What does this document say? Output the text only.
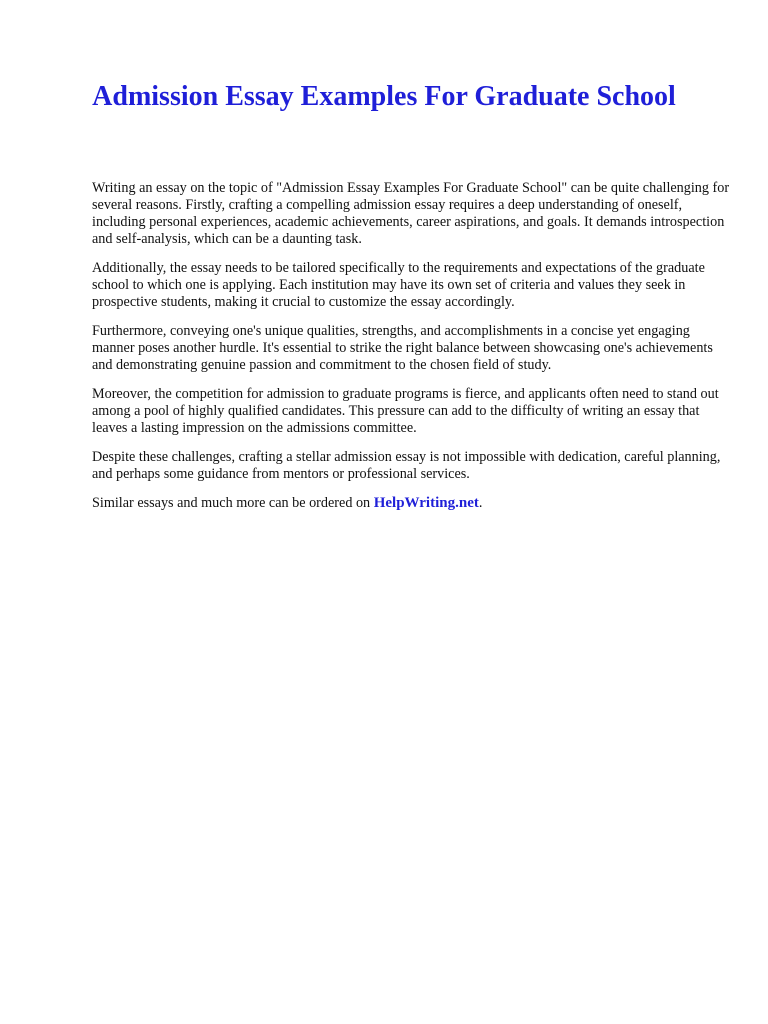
Admission Essay Examples For Graduate School

Writing an essay on the topic of "Admission Essay Examples For Graduate School" can be quite challenging for several reasons. Firstly, crafting a compelling admission essay requires a deep understanding of oneself, including personal experiences, academic achievements, career aspirations, and goals. It demands introspection and self-analysis, which can be a daunting task.

Additionally, the essay needs to be tailored specifically to the requirements and expectations of the graduate school to which one is applying. Each institution may have its own set of criteria and values they seek in prospective students, making it crucial to customize the essay accordingly.

Furthermore, conveying one's unique qualities, strengths, and accomplishments in a concise yet engaging manner poses another hurdle. It's essential to strike the right balance between showcasing one's achievements and demonstrating genuine passion and commitment to the chosen field of study.

Moreover, the competition for admission to graduate programs is fierce, and applicants often need to stand out among a pool of highly qualified candidates. This pressure can add to the difficulty of writing an essay that leaves a lasting impression on the admissions committee.

Despite these challenges, crafting a stellar admission essay is not impossible with dedication, careful planning, and perhaps some guidance from mentors or professional services.

Similar essays and much more can be ordered on HelpWriting.net.
